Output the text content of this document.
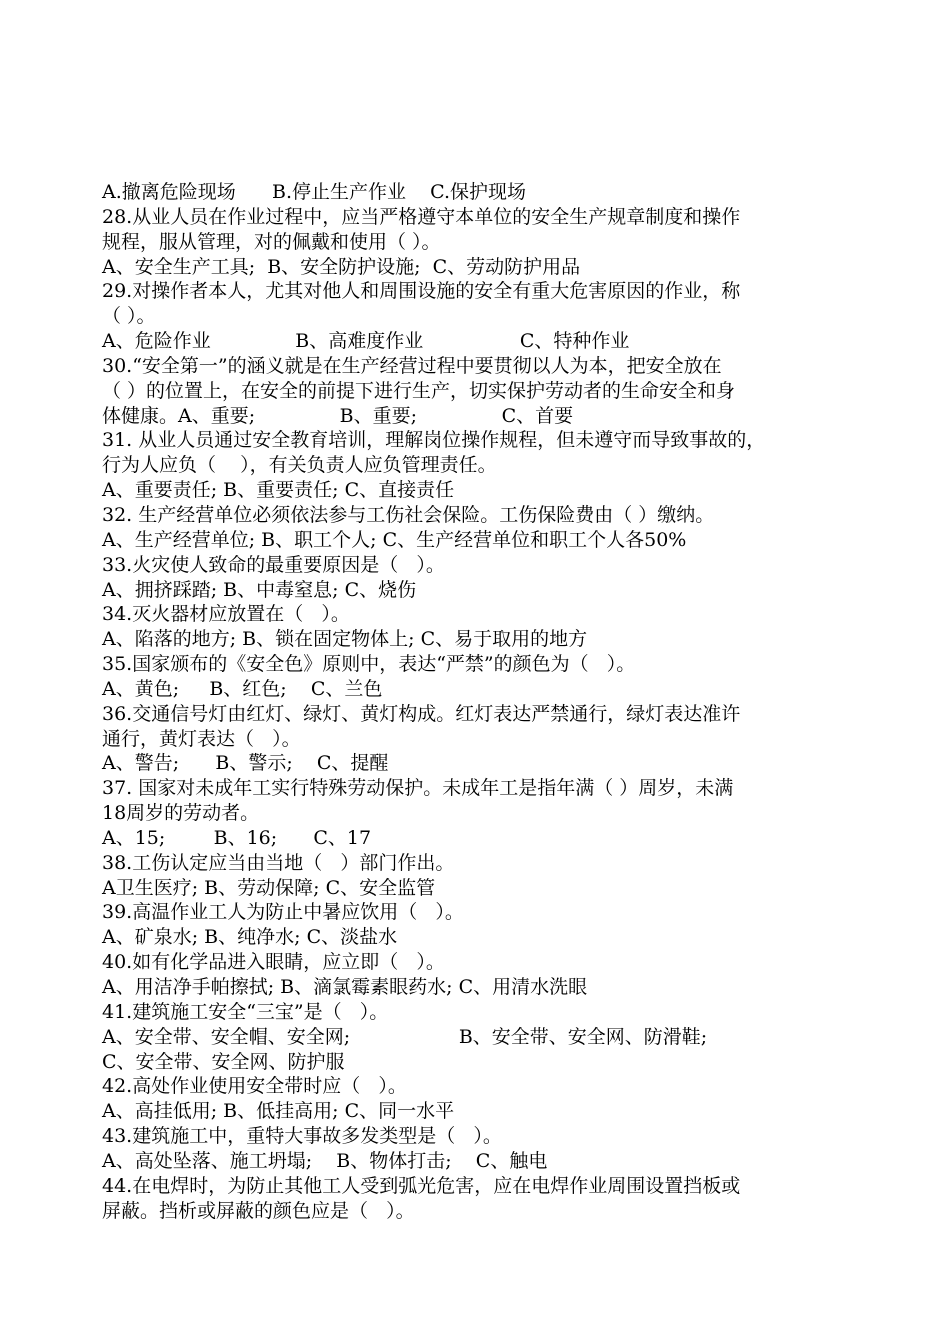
A.撤离危险现场      B.停止生产作业    C.保护现场
28.从业人员在作业过程中，应当严格遵守本单位的安全生产规章制度和操作
规程，服从管理，对的佩戴和使用（ ）。
A、安全生产工具;  B、安全防护设施;  C、劳动防护用品
29.对操作者本人，尤其对他人和周围设施的安全有重大危害原因的作业，称
（ ）。
A、危险作业              B、高难度作业                C、特种作业
30.“安全第一”的涵义就是在生产经营过程中要贯彻以人为本，把安全放在
（ ）的位置上，在安全的前提下进行生产，切实保护劳动者的生命安全和身
体健康。A、重要;              B、重要;              C、首要
31. 从业人员通过安全教育培训，理解岗位操作规程，但未遵守而导致事故的，
行为人应负（    ），有关负责人应负管理责任。
A、重要责任; B、重要责任; C、直接责任
32. 生产经营单位必须依法参与工伤社会保险。工伤保险费由（ ）缴纳。
A、生产经营单位; B、职工个人; C、生产经营单位和职工个人各50%
33.火灾使人致命的最重要原因是（   ）。
A、拥挤踩踏; B、中毒窒息; C、烧伤
34.灭火器材应放置在（   ）。
A、陷落的地方; B、锁在固定物体上; C、易于取用的地方
35.国家颁布的《安全色》原则中，表达“严禁”的颜色为（   ）。
A、黄色;     B、红色;    C、兰色
36.交通信号灯由红灯、绿灯、黄灯构成。红灯表达严禁通行，绿灯表达准许
通行，黄灯表达（   ）。
A、警告;      B、警示;    C、提醒
37. 国家对未成年工实行特殊劳动保护。未成年工是指年满（ ）周岁，未满
18周岁的劳动者。
A、15;        B、16;      C、17
38.工伤认定应当由当地（   ）部门作出。
A卫生医疗; B、劳动保障; C、安全监管
39.高温作业工人为防止中暑应饮用（   ）。
A、矿泉水; B、纯净水; C、淡盐水
40.如有化学品进入眼睛，应立即（   ）。
A、用洁净手帕擦拭; B、滴氯霉素眼药水; C、用清水洗眼
41.建筑施工安全“三宝”是（   ）。
A、安全带、安全帽、安全网;                  B、安全带、安全网、防滑鞋;
C、安全带、安全网、防护服
42.高处作业使用安全带时应（   ）。
A、高挂低用; B、低挂高用; C、同一水平
43.建筑施工中，重特大事故多发类型是（   ）。
A、高处坠落、施工坍塌;    B、物体打击;    C、触电
44.在电焊时，为防止其他工人受到弧光危害，应在电焊作业周围设置挡板或
屏蔽。挡析或屏蔽的颜色应是（   ）。
